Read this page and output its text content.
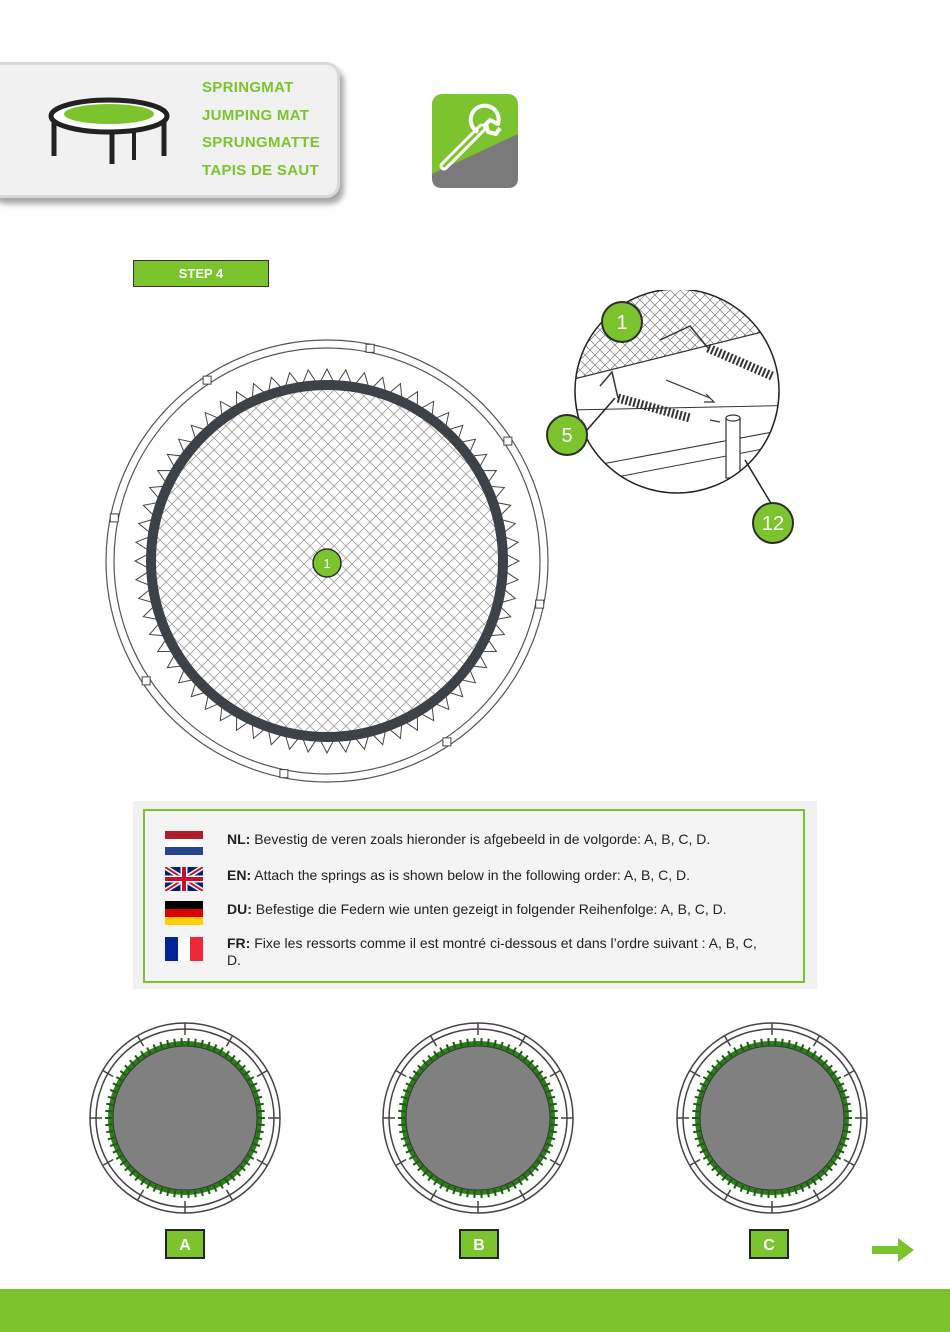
SPRINGMAT
JUMPING MAT
SPRUNGMATTE
TAPIS DE SAUT
STEP 4
1
1
5
12
NL: Bevestig de veren zoals hieronder is afgebeeld in de volgorde: A, B, C, D.
EN: Attach the springs as is shown below in the following order: A, B, C, D.
DU: Befestige die Federn wie unten gezeigt in folgender Reihenfolge: A, B, C, D.
FR: Fixe les ressorts comme il est montré ci-dessous et dans l’ordre suivant : A, B, C, D.
A	B	C
